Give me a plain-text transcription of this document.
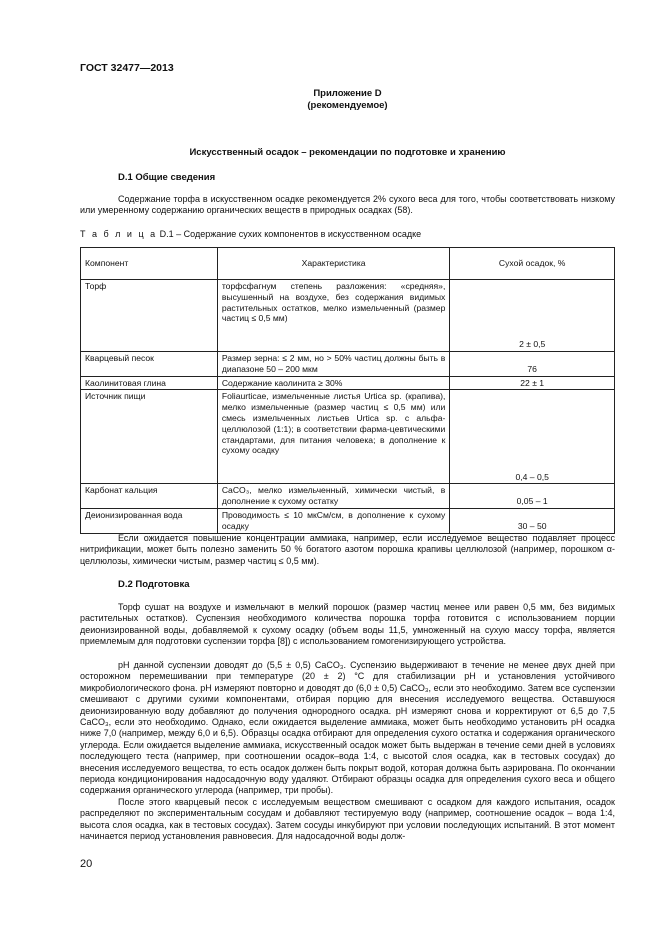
ГОСТ 32477—2013
Приложение D
(рекомендуемое)
Искусственный осадок – рекомендации по подготовке и хранению
D.1 Общие сведения
Содержание торфа в искусственном осадке рекомендуется 2% сухого веса для того, чтобы соответствовать низкому или умеренному содержанию органических веществ в природных осадках (58).
Т а б л и ц а D.1 – Содержание сухих компонентов в искусственном осадке
Компонент	Характеристика	Сухой осадок, %
Торф	торфсфагнум степень разложения: «средняя», высушенный на воздухе, без содержания видимых растительных остатков, мелко измельченный (размер частиц ≤ 0,5 мм)	2 ± 0,5
Кварцевый песок	Размер зерна: ≤ 2 мм, но > 50% частиц должны быть в диапазоне 50 – 200 мкм	76
Каолинитовая глина	Содержание каолинита ≥ 30%	22 ± 1
Источник пищи	Foliaurticae, измельченные листья Urtica sp. (крапива), мелко измельченные (размер частиц ≤ 0,5 мм) или смесь измельченных листьев Urtica sp. с альфа-целлюлозой (1:1); в соответствии фарма-цевтическими стандартами, для питания человека; в дополнение к сухому осадку	0,4 – 0,5
Карбонат кальция	CaCO₃, мелко измельченный, химически чистый, в дополнение к сухому остатку	0,05 – 1
Деионизированная вода	Проводимость ≤ 10 мкСм/см, в дополнение к сухому осадку	30 – 50
Если ожидается повышение концентрации аммиака, например, если исследуемое вещество подавляет процесс нитрификации, может быть полезно заменить 50 % богатого азотом порошка крапивы целлюлозой (например, порошком α-целлюлозы, химически чистым, размер частиц ≤ 0,5 мм).
D.2 Подготовка
Торф сушат на воздухе и измельчают в мелкий порошок (размер частиц менее или равен 0,5 мм, без видимых растительных остатков). Суспензия необходимого количества порошка торфа готовится с использованием порции деионизированной воды, добавляемой к сухому осадку (объем воды 11,5, умноженный на сухую массу торфа, является приемлемым для подготовки суспензии торфа [8]) с использованием гомогенизирующего устройства.
pH данной суспензии доводят до (5,5 ± 0,5) CaCO₃. Суспензию выдерживают в течение не менее двух дней при осторожном перемешивании при температуре (20 ± 2) °С для стабилизации pH и установления устойчивого микробиологического фона. pH измеряют повторно и доводят до (6,0 ± 0,5) CaCO₃, если это необходимо. Затем все суспензии смешивают с другими сухими компонентами, отбирая порцию для внесения исследуемого вещества. Оставшуюся деионизированную воду добавляют до получения однородного осадка. pH измеряют снова и корректируют от 6,5 до 7,5 CaCO₃, если это необходимо. Однако, если ожидается выделение аммиака, может быть необходимо установить pH осадка ниже 7,0 (например, между 6,0 и 6,5). Образцы осадка отбирают для определения сухого остатка и содержания органического углерода. Если ожидается выделение аммиака, искусственный осадок может быть выдержан в течение семи дней в условиях последующего теста (например, при соотношении осадок–вода 1:4, с высотой слоя осадка, как в тестовых сосудах) до внесения исследуемого вещества, то есть осадок должен быть покрыт водой, которая должна быть аэрирована. По окончании периода кондиционирования надосадочную воду удаляют. Отбирают образцы осадка для определения сухого веса и общего содержания органического углерода (например, три пробы).
После этого кварцевый песок с исследуемым веществом смешивают с осадком для каждого испытания, осадок распределяют по экспериментальным сосудам и добавляют тестируемую воду (например, соотношение осадок – вода 1:4, высота слоя осадка, как в тестовых сосудах). Затем сосуды инкубируют при условии последующих испытаний. В этот момент начинается период установления равновесия. Для надосадочной воды долж-
20
